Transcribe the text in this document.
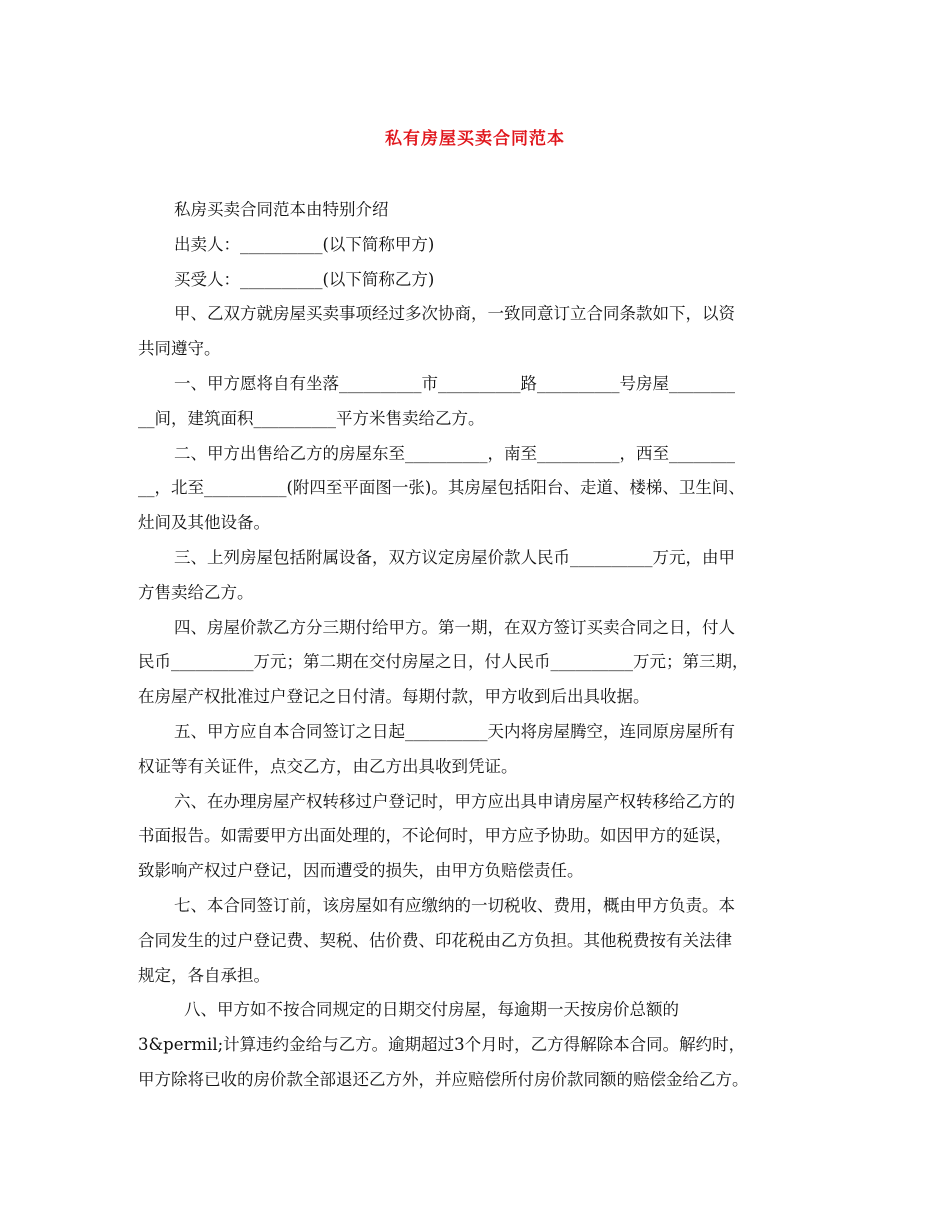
私有房屋买卖合同范本

私房买卖合同范本由特别介绍

出卖人：__________(以下简称甲方)

买受人：__________(以下简称乙方)

甲、乙双方就房屋买卖事项经过多次协商，一致同意订立合同条款如下，以资

共同遵守。

一、甲方愿将自有坐落__________市__________路__________号房屋________

__间，建筑面积__________平方米售卖给乙方。

二、甲方出售给乙方的房屋东至__________，南至__________，西至________

__，北至__________(附四至平面图一张)。其房屋包括阳台、走道、楼梯、卫生间、

灶间及其他设备。

三、上列房屋包括附属设备，双方议定房屋价款人民币__________万元，由甲

方售卖给乙方。

四、房屋价款乙方分三期付给甲方。第一期，在双方签订买卖合同之日，付人

民币__________万元；第二期在交付房屋之日，付人民币__________万元；第三期，

在房屋产权批准过户登记之日付清。每期付款，甲方收到后出具收据。

五、甲方应自本合同签订之日起__________天内将房屋腾空，连同原房屋所有

权证等有关证件，点交乙方，由乙方出具收到凭证。

六、在办理房屋产权转移过户登记时，甲方应出具申请房屋产权转移给乙方的

书面报告。如需要甲方出面处理的，不论何时，甲方应予协助。如因甲方的延误，

致影响产权过户登记，因而遭受的损失，由甲方负赔偿责任。

七、本合同签订前，该房屋如有应缴纳的一切税收、费用，概由甲方负责。本

合同发生的过户登记费、契税、估价费、印花税由乙方负担。其他税费按有关法律

规定，各自承担。

八、甲方如不按合同规定的日期交付房屋，每逾期一天按房价总额的

3&permil;计算违约金给与乙方。逾期超过3个月时，乙方得解除本合同。解约时，

甲方除将已收的房价款全部退还乙方外，并应赔偿所付房价款同额的赔偿金给乙方。
